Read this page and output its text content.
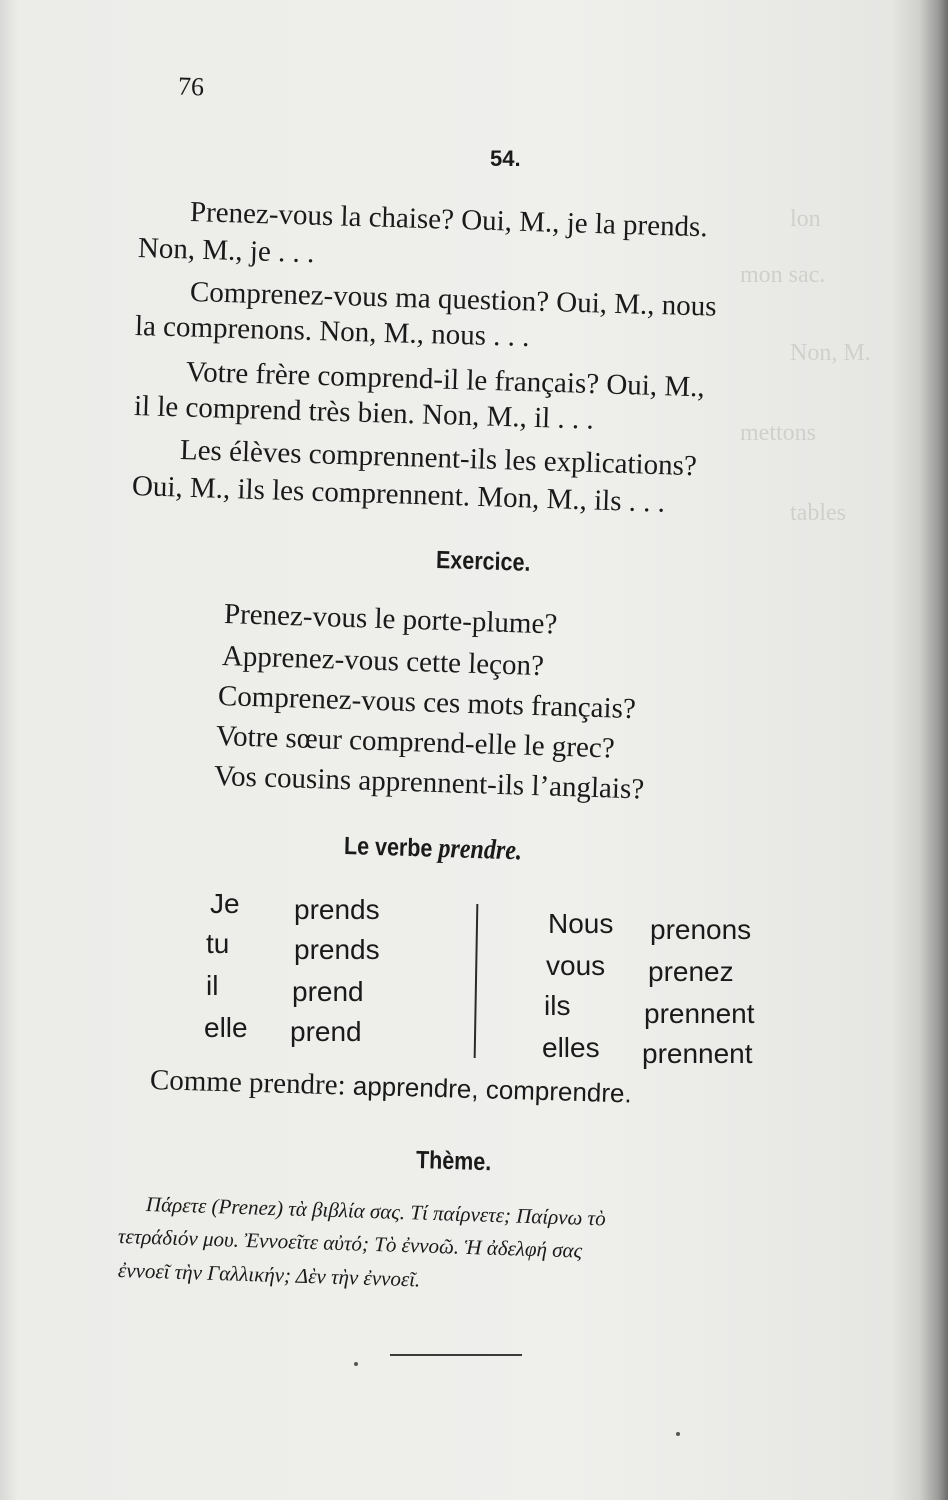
lon
mon sac.
Non, M.
mettons
tables
76
54.
Prenez-vous la chaise? Oui, M., je la prends.
Non, M., je . . .
Comprenez-vous ma question? Oui, M., nous
la comprenons. Non, M., nous . . .
Votre frère comprend-il le français? Oui, M.,
il le comprend très bien. Non, M., il . . .
Les élèves comprennent-ils les explications?
Oui, M., ils les comprennent. Mon, M., ils . . .
Exercice.
Prenez-vous le porte-plume?
Apprenez-vous cette leçon?
Comprenez-vous ces mots français?
Votre sœur comprend-elle le grec?
Vos cousins apprennent-ils l’anglais?
Le verbe prendre.
Je prends
tu prends
il	prend
elle prend
Nous prenons
vous prenez
ils	prennent
elles prennent
Comme prendre: apprendre, comprendre.
Thème.
Πάρετε (Prenez) τὰ βιβλία σας. Τί παίρνετε; Παίρνω τὸ
τετράδιόν μου. Ἐννοεῖτε αὐτό; Τὸ ἐννοῶ. Ἡ ἀδελφή σας
ἐννοεῖ τὴν Γαλλικήν; Δὲν τὴν ἐννοεῖ.
